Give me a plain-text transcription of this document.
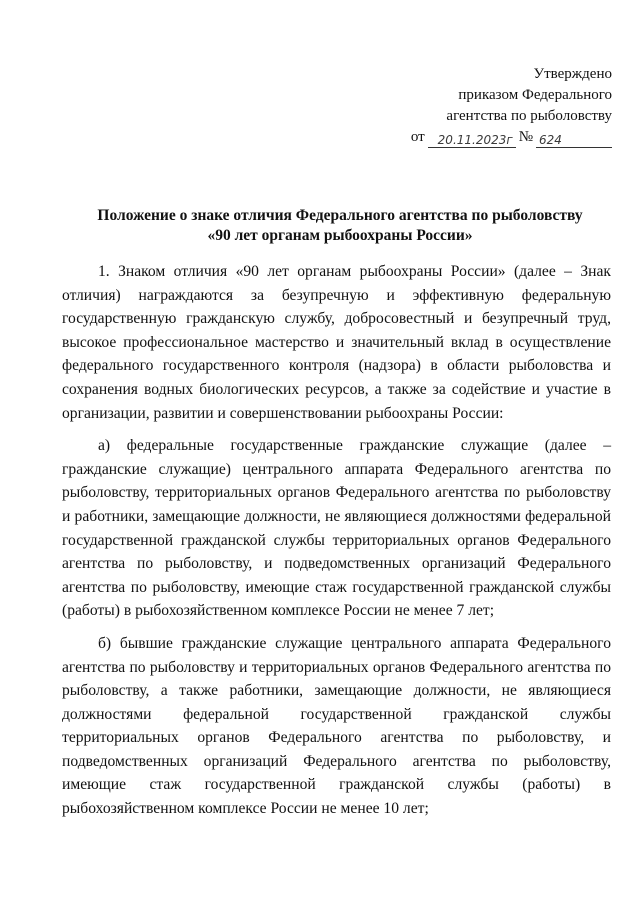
Утверждено
приказом Федерального
агентства по рыболовству
от	20.11.2023г № 624
Положение о знаке отличия Федерального агентства по рыболовству
«90 лет органам рыбоохраны России»

1. Знаком отличия «90 лет органам рыбоохраны России» (далее – Знак отличия) награждаются за безупречную и эффективную федеральную государственную гражданскую службу, добросовестный и безупречный труд, высокое профессиональное мастерство и значительный вклад в осуществление федерального государственного контроля (надзора) в области рыболовства и сохранения водных биологических ресурсов, а также за содействие и участие в организации, развитии и совершенствовании рыбоохраны России:

а) федеральные государственные гражданские служащие (далее – гражданские служащие) центрального аппарата Федерального агентства по рыболовству, территориальных органов Федерального агентства по рыболовству и работники, замещающие должности, не являющиеся должностями федеральной государственной гражданской службы территориальных органов Федерального агентства по рыболовству, и подведомственных организаций Федерального агентства по рыболовству, имеющие стаж государственной гражданской службы (работы) в рыбохозяйственном комплексе России не менее 7 лет;

б) бывшие гражданские служащие центрального аппарата Федерального агентства по рыболовству и территориальных органов Федерального агентства по рыболовству, а также работники, замещающие должности, не являющиеся должностями федеральной государственной гражданской службы территориальных органов Федерального агентства по рыболовству, и подведомственных организаций Федерального агентства по рыболовству, имеющие стаж государственной гражданской службы (работы) в рыбохозяйственном комплексе России не менее 10 лет;
